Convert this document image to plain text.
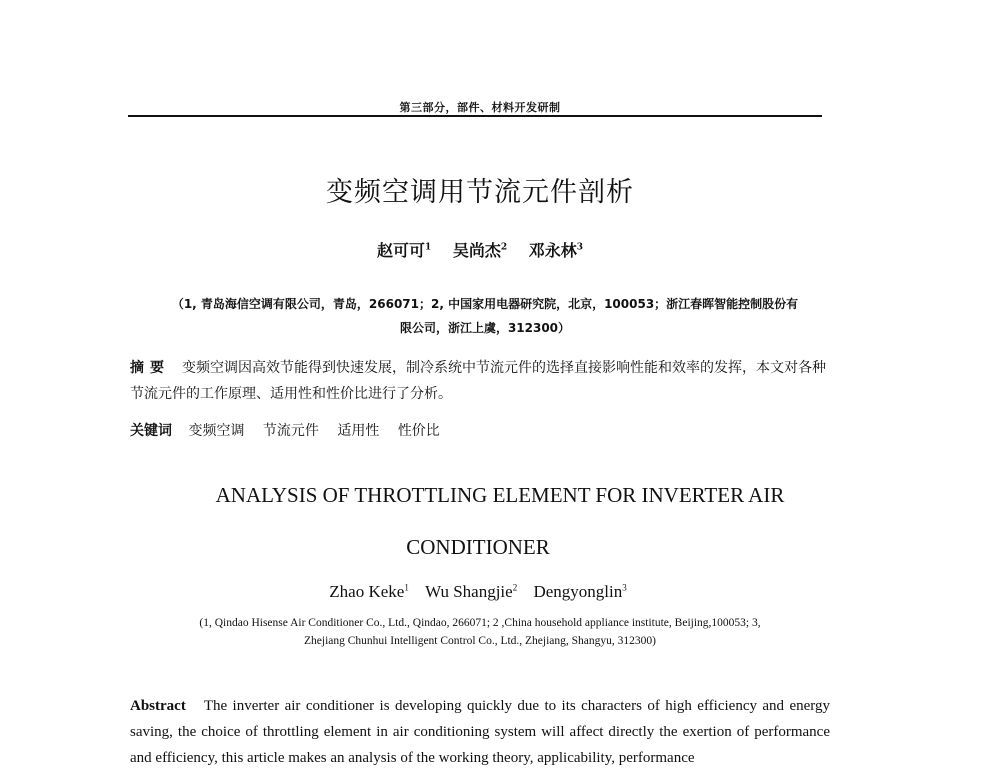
第三部分，部件、材料开发研制
变频空调用节流元件剖析
赵可可$^1$ 吴尚杰$^2$ 邓永林$^3$
（1, 青岛海信空调有限公司，青岛，266071；2, 中国家用电器研究院，北京，100053；浙江春晖智能控制股份有
限公司，浙江上虞，312300）
摘要 变频空调因高效节能得到快速发展，制冷系统中节流元件的选择直接影响性能和效率的发挥，本文对各种节流元件的工作原理、适用性和性价比进行了分析。
关键词 变频空调 节流元件 适用性 性价比
ANALYSIS OF THROTTLING ELEMENT FOR INVERTER AIR
CONDITIONER
Zhao Keke$^1$ Wu Shangjie$^2$ Dengyonglin$^3$
(1, Qindao Hisense Air Conditioner Co., Ltd., Qindao, 266071; 2 ,China household appliance institute, Beijing,100053; 3,
Zhejiang Chunhui Intelligent Control Co., Ltd., Zhejiang, Shangyu, 312300)
Abstract The inverter air conditioner is developing quickly due to its characters of high efficiency and energy saving, the choice of throttling element in air conditioning system will affect directly the exertion of performance and efficiency, this article makes an analysis of the working theory, applicability, performance
